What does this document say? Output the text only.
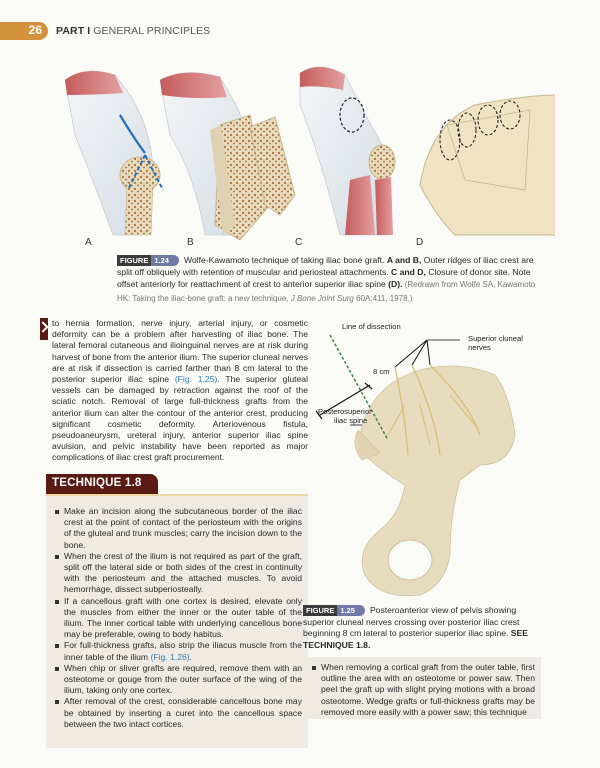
26 PART I GENERAL PRINCIPLES
A	B	C	D
FIGURE 1.24 Wolfe-Kawamoto technique of taking iliac bone graft. A and B, Outer ridges of iliac crest are split off obliquely with retention of muscular and periosteal attachments. C and D, Closure of donor site. Note offset anteriorly for reattachment of crest to anterior superior iliac spine (D). (Redrawn from Wolfe SA, Kawamoto HK: Taking the iliac-bone graft: a new technique, J Bone Joint Surg 60A:411, 1978.)
to hernia formation, nerve injury, arterial injury, or cosmetic deformity can be a problem after harvesting of iliac bone. The lateral femoral cutaneous and ilioinguinal nerves are at risk during harvest of bone from the anterior ilium. The superior cluneal nerves are at risk if dissection is carried farther than 8 cm lateral to the posterior superior iliac spine (Fig. 1.25). The superior gluteal vessels can be damaged by retraction against the roof of the sciatic notch. Removal of large full-thickness grafts from the anterior ilium can alter the contour of the anterior crest, producing significant cosmetic deformity. Arteriovenous fistula, pseudoaneurysm, ureteral injury, anterior superior iliac spine avulsion, and pelvic instability have been reported as major complications of iliac crest graft procurement.
TECHNIQUE 1.8
Make an incision along the subcutaneous border of the iliac crest at the point of contact of the periosteum with the origins of the gluteal and trunk muscles; carry the incision down to the bone.
When the crest of the ilium is not required as part of the graft, split off the lateral side or both sides of the crest in continuity with the periosteum and the attached muscles. To avoid hemorrhage, dissect subperiosteally.
If a cancellous graft with one cortex is desired, elevate only the muscles from either the inner or the outer table of the ilium. The inner cortical table with underlying cancellous bone may be preferable, owing to body habitus.
For full-thickness grafts, also strip the iliacus muscle from the inner table of the ilium (Fig. 1.26).
When chip or sliver grafts are required, remove them with an osteotome or gouge from the outer surface of the wing of the ilium, taking only one cortex.
After removal of the crest, considerable cancellous bone may be obtained by inserting a curet into the cancellous space between the two intact cortices.
Line of dissection
Superior cluneal
nerves
8 cm
Posterosuperior
iliac spine
FIGURE 1.25 Posteroanterior view of pelvis showing superior cluneal nerves crossing over posterior iliac crest beginning 8 cm lateral to posterior superior iliac spine. SEE TECHNIQUE 1.8.
When removing a cortical graft from the outer table, first outline the area with an osteotome or power saw. Then peel the graft up with slight prying motions with a broad osteotome. Wedge grafts or full-thickness grafts may be removed more easily with a power saw; this technique
